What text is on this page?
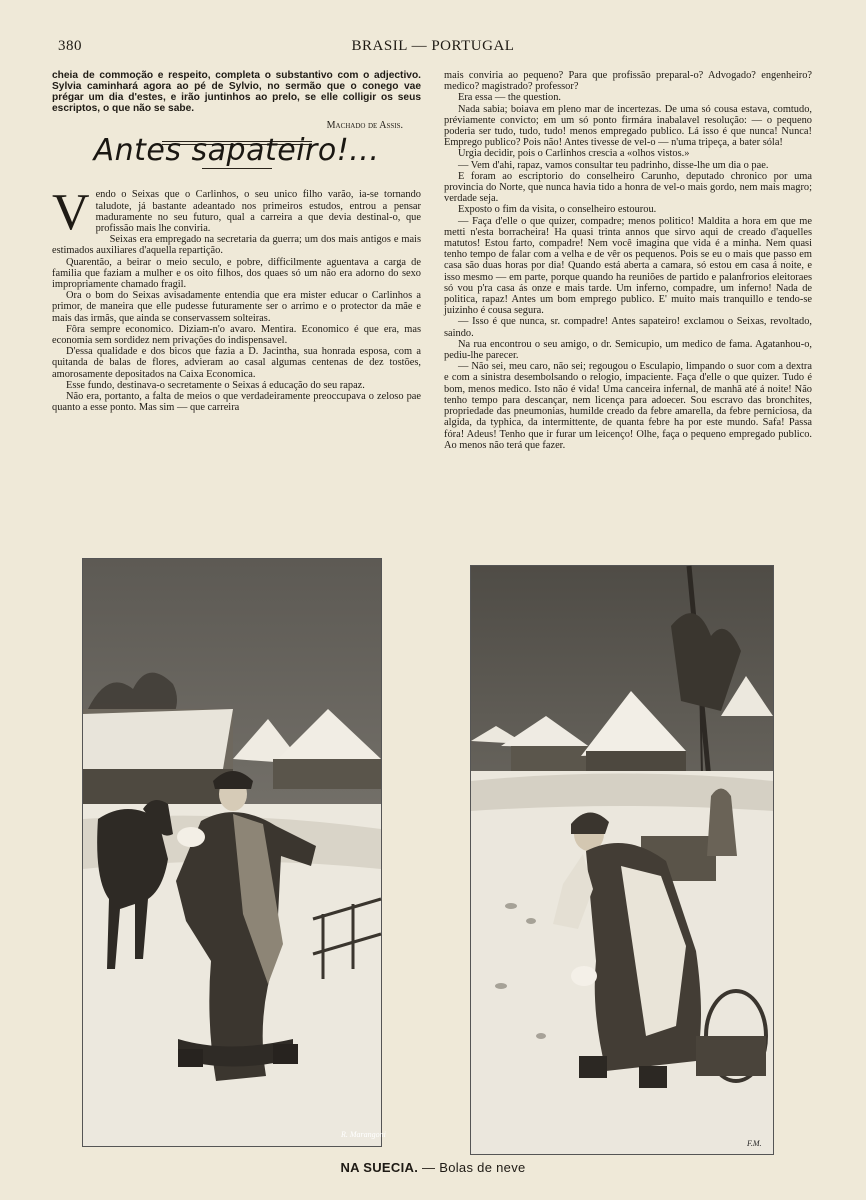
380	BRASIL — PORTUGAL

cheia de commoção e respeito, completa o substantivo com o adjectivo. Sylvia caminhará agora ao pé de Sylvio, no sermão que o conego vae prégar um dia d'estes, e irão juntinhos ao prelo, se elle colligir os seus escriptos, o que não se sabe.

Machado de Assis.

Antes sapateiro!...

Vendo o Seixas que o Carlinhos, o seu unico filho varão, ia-se tornando taludote, já bastante adeantado nos primeiros estudos, entrou a pensar maduramente no seu futuro, qual a carreira a que devia destinal-o, que profissão mais lhe conviria.

Seixas era empregado na secretaria da guerra; um dos mais antigos e mais estimados auxiliares d'aquella repartição.

Quarentão, a beirar o meio seculo, e pobre, difficilmente aguentava a carga de familia que faziam a mulher e os oito filhos, dos quaes só um não era adorno do sexo impropriamente chamado fragil.

Ora o bom do Seixas avisadamente entendia que era mister educar o Carlinhos a primor, de maneira que elle pudesse futuramente ser o arrimo e o protector da mãe e mais das irmãs, que ainda se conservassem solteiras.

Fôra sempre economico. Diziam-n'o avaro. Mentira. Economico é que era, mas economia sem sordidez nem privações do indispensavel.

D'essa qualidade e dos bicos que fazia a D. Jacintha, sua honrada esposa, com a quitanda de balas de flores, advieram ao casal algumas centenas de dez tostões, amorosamente depositados na Caixa Economica.

Esse fundo, destinava-o secretamente o Seixas á educação do seu rapaz.

Não era, portanto, a falta de meios o que verdadeiramente preoccupava o zeloso pae quanto a esse ponto. Mas sim — que carreira

mais conviria ao pequeno? Para que profissão preparal-o? Advogado? engenheiro? medico? magistrado? professor?

Era essa — the question.

Nada sabia; boiava em pleno mar de incertezas. De uma só cousa estava, comtudo, préviamente convicto; em um só ponto firmára inabalavel resolução: — o pequeno poderia ser tudo, tudo, tudo! menos empregado publico. Lá isso é que nunca! Nunca! Emprego publico? Pois não! Antes tivesse de vel-o — n'uma tripeça, a bater sóla!

Urgia decidir, pois o Carlinhos crescia a «olhos vistos.»

— Vem d'ahi, rapaz, vamos consultar teu padrinho, disse-lhe um dia o pae.

E foram ao escriptorio do conselheiro Carunho, deputado chronico por uma provincia do Norte, que nunca havia tido a honra de vel-o mais gordo, nem mais magro; verdade seja.

Exposto o fim da visita, o conselheiro estourou.

— Faça d'elle o que quizer, compadre; menos politico! Maldita a hora em que me metti n'esta borracheira! Ha quasi trinta annos que sirvo aqui de creado d'aquelles matutos! Estou farto, compadre! Nem você imagina que vida é a minha. Nem quasi tenho tempo de falar com a velha e de vêr os pequenos. Pois se eu o mais que passo em casa são duas horas por dia! Quando está aberta a camara, só estou em casa á noite, e isso mesmo — em parte, porque quando ha reuniões de partido e palanfrorios eleitoraes só vou p'ra casa ás onze e mais tarde. Um inferno, compadre, um inferno! Nada de politica, rapaz! Antes um bom emprego publico. E' muito mais tranquillo e tendo-se juizinho é cousa segura.

— Isso é que nunca, sr. compadre! Antes sapateiro! exclamou o Seixas, revoltado, saindo.

Na rua encontrou o seu amigo, o dr. Semicupio, um medico de fama. Agatanhou-o, pediu-lhe parecer.

— Não sei, meu caro, não sei; regougou o Esculapio, limpando o suor com a dextra e com a sinistra desembolsando o relogio, impaciente. Faça d'elle o que quizer. Tudo é bom, menos medico. Isto não é vida! Uma canceira infernal, de manhã até á noite! Não tenho tempo para descançar, nem licença para adoecer. Sou escravo das bronchites, propriedade das pneumonias, humilde creado da febre amarella, da febre perniciosa, da algida, da typhica, da intermittente, de quanta febre ha por este mundo. Safa! Passa fóra! Adeus! Tenho que ir furar um leicenço! Olhe, faça o pequeno empregado publico. Ao menos não terá que fazer.

R. Marangoni
F.M.
NA SUECIA. — Bolas de neve
